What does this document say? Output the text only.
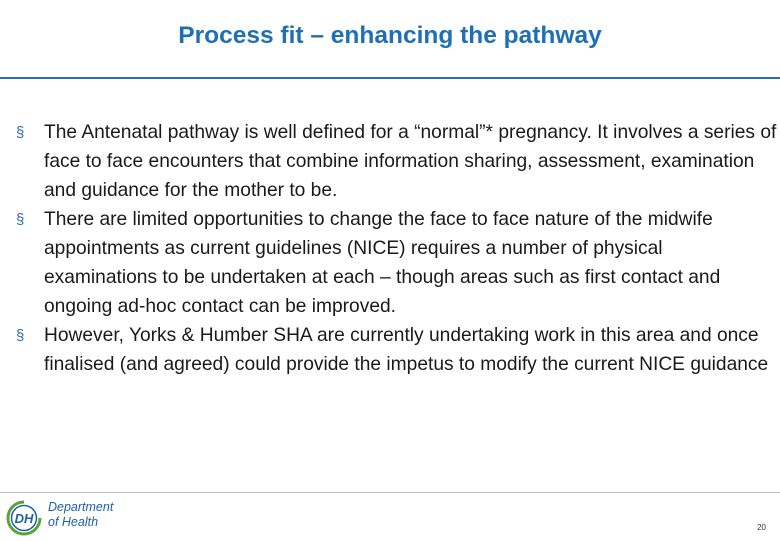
Process fit – enhancing the pathway
§ The Antenatal pathway is well defined for a “normal”* pregnancy. It involves a series of face to face encounters that combine information sharing, assessment, examination and guidance for the mother to be.
§ There are limited opportunities to change the face to face nature of the midwife appointments as current guidelines (NICE) requires a number of physical examinations to be undertaken at each – though areas such as first contact and ongoing ad-hoc contact can be improved.
§ However, Yorks & Humber SHA are currently undertaking work in this area and once finalised (and agreed) could provide the impetus to modify the current NICE guidance
DH
Department
of Health	20
